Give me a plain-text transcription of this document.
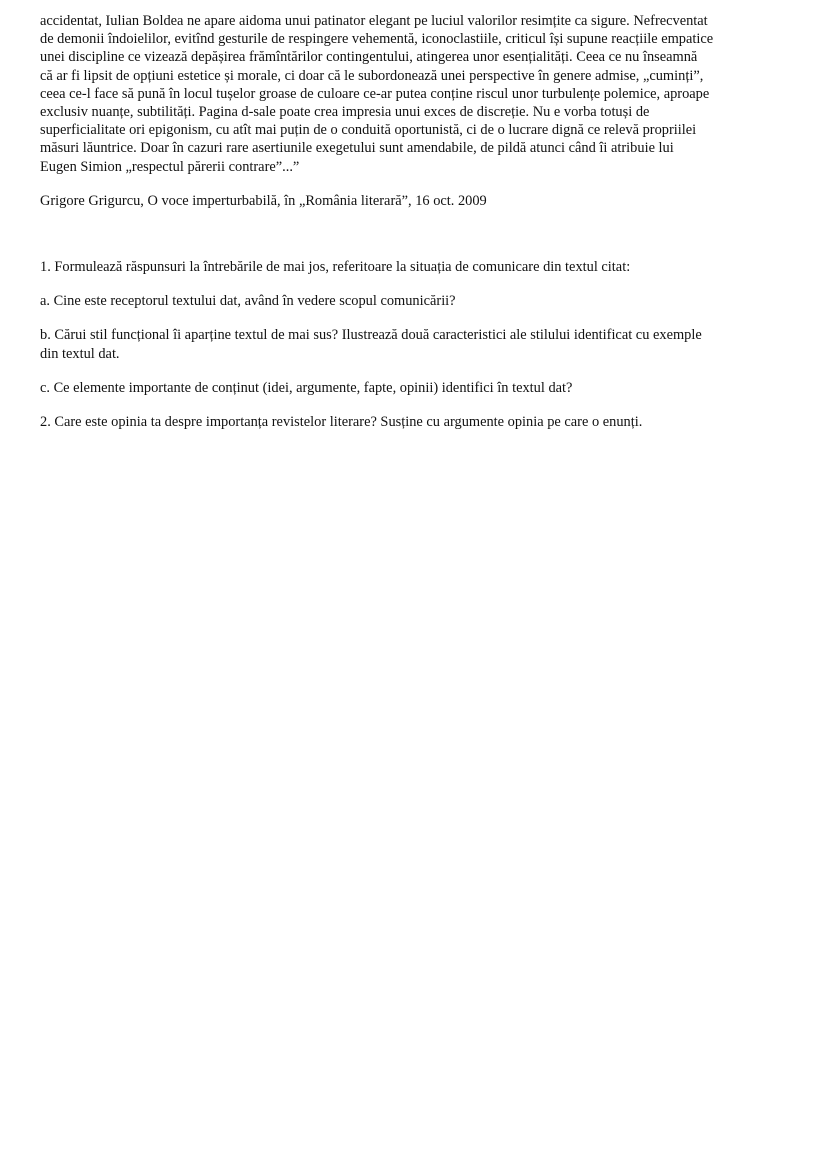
accidentat, Iulian Boldea ne apare aidoma unui patinator elegant pe luciul valorilor resimțite ca sigure. Nefrecventat
de demonii îndoielilor, evitînd gesturile de respingere vehementă, iconoclastiile, criticul își supune reacțiile empatice
unei discipline ce vizează depășirea frămîntărilor contingentului, atingerea unor esențialități. Ceea ce nu înseamnă
că ar fi lipsit de opțiuni estetice și morale, ci doar că le subordonează unei perspective în genere admise, „cuminți”,
ceea ce-l face să pună în locul tușelor groase de culoare ce-ar putea conține riscul unor turbulențe polemice, aproape
exclusiv nuanțe, subtilități. Pagina d-sale poate crea impresia unui exces de discreție. Nu e vorba totuși de
superficialitate ori epigonism, cu atît mai puțin de o conduită oportunistă, ci de o lucrare dignă ce relevă propriilei
măsuri lăuntrice. Doar în cazuri rare asertiunile exegetului sunt amendabile, de pildă atunci când îi atribuie lui
Eugen Simion „respectul părerii contrare”...”
Grigore Grigurcu, O voce imperturbabilă, în „România literară”, 16 oct. 2009

1. Formulează răspunsuri la întrebările de mai jos, referitoare la situația de comunicare din textul citat:

a. Cine este receptorul textului dat, având în vedere scopul comunicării?

b. Cărui stil funcțional îi aparține textul de mai sus? Ilustrează două caracteristici ale stilului identificat cu exemple
din textul dat.

c. Ce elemente importante de conținut (idei, argumente, fapte, opinii) identifici în textul dat?

2. Care este opinia ta despre importanța revistelor literare? Susține cu argumente opinia pe care o enunți.
